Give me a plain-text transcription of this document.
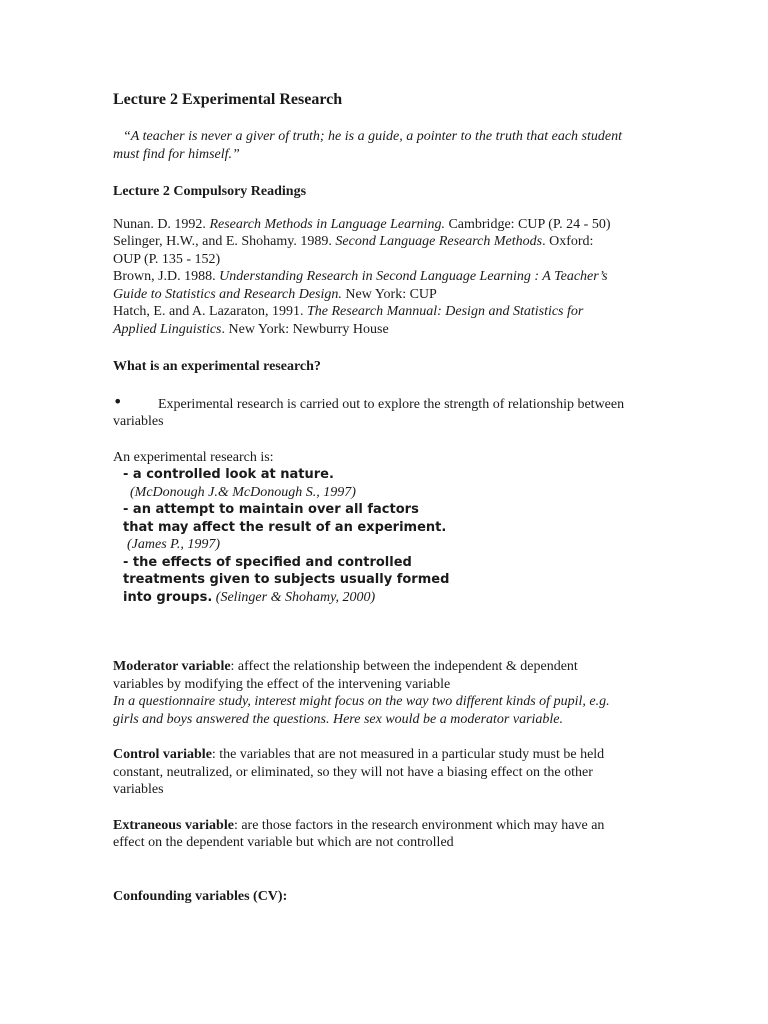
Lecture 2 Experimental Research
“A teacher is never a giver of truth; he is a guide, a pointer to the truth that each student
must find for himself.”
Lecture 2 Compulsory Readings
Nunan. D. 1992. Research Methods in Language Learning. Cambridge: CUP (P. 24 - 50)
Selinger, H.W., and E. Shohamy. 1989. Second Language Research Methods. Oxford:
OUP (P. 135 - 152)
Brown, J.D. 1988. Understanding Research in Second Language Learning : A Teacher’s
Guide to Statistics and Research Design. New York: CUP
Hatch, E. and A. Lazaraton, 1991. The Research Mannual: Design and Statistics for
Applied Linguistics. New York: Newburry House
What is an experimental research?
•	Experimental research is carried out to explore the strength of relationship between
variables
An experimental research is:
- a controlled look at nature.
(McDonough J.& McDonough S., 1997)
- an attempt to maintain over all factors
that may affect the result of an experiment.
(James P., 1997)
- the effects of specified and controlled
treatments given to subjects usually formed
into groups. (Selinger & Shohamy, 2000)
Moderator variable: affect the relationship between the independent & dependent
variables by modifying the effect of the intervening variable
In a questionnaire study, interest might focus on the way two different kinds of pupil, e.g.
girls and boys answered the questions. Here sex would be a moderator variable.
Control variable: the variables that are not measured in a particular study must be held
constant, neutralized, or eliminated, so they will not have a biasing effect on the other
variables
Extraneous variable: are those factors in the research environment which may have an
effect on the dependent variable but which are not controlled
Confounding variables (CV):
